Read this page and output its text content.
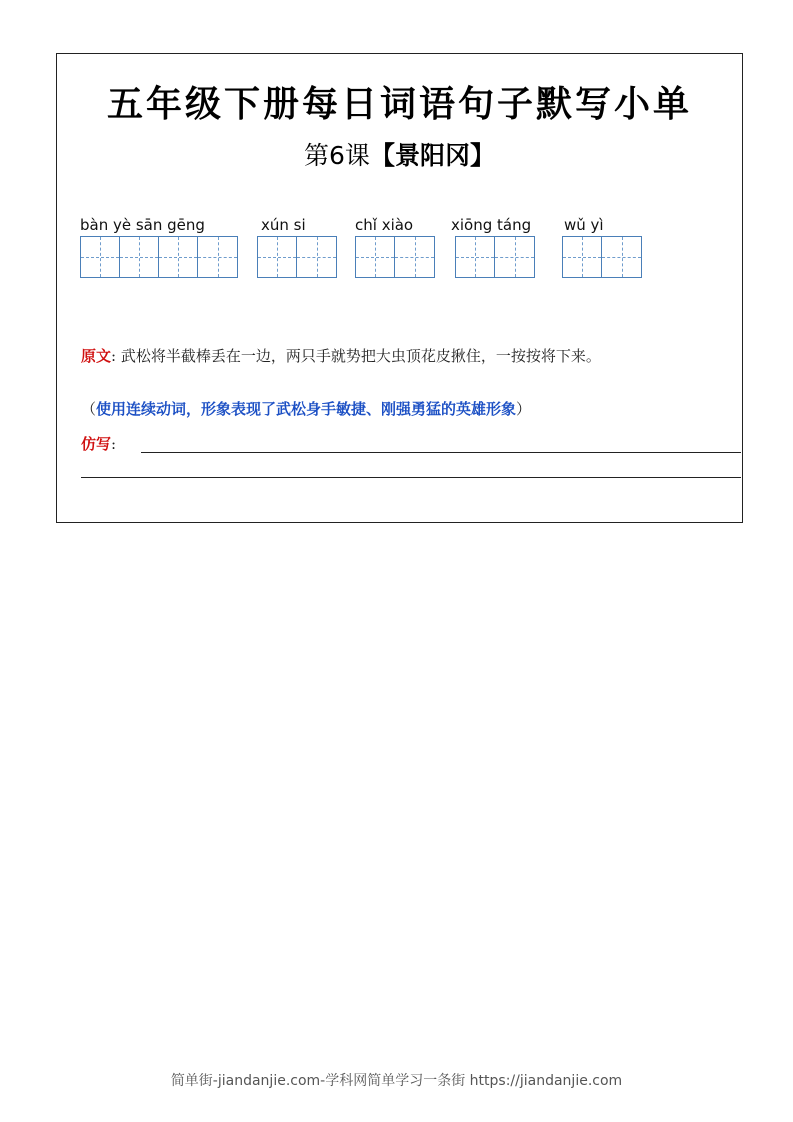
五年级下册每日词语句子默写小单
第6课【景阳冈】
bàn yè sān gēng	xún si	chǐ xiào	xiōng táng wǔ yì
原文: 武松将半截棒丢在一边，两只手就势把大虫顶花皮揪住，一按按将下来。
（使用连续动词，形象表现了武松身手敏捷、刚强勇猛的英雄形象）
仿写:
简单街-jiandanjie.com-学科网简单学习一条街 https://jiandanjie.com
